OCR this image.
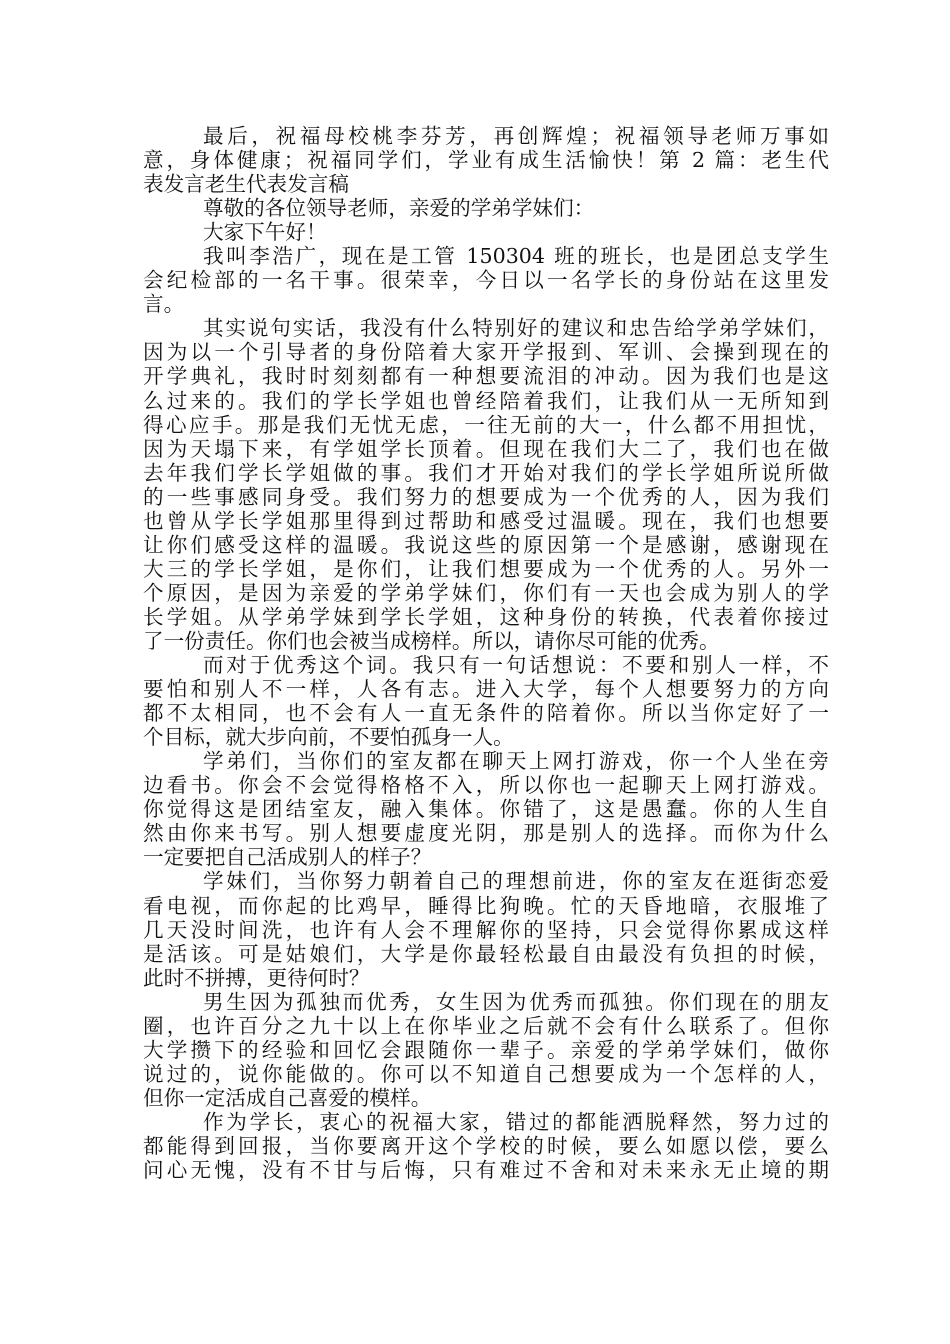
最后，祝福母校桃李芬芳，再创辉煌；祝福领导老师万事如
意，身体健康；祝福同学们，学业有成生活愉快！第 2 篇：老生代
表发言老生代表发言稿
尊敬的各位领导老师，亲爱的学弟学妹们：
大家下午好！
我叫李浩广，现在是工管 150304 班的班长，也是团总支学生
会纪检部的一名干事。很荣幸，今日以一名学长的身份站在这里发
言。
其实说句实话，我没有什么特别好的建议和忠告给学弟学妹们，
因为以一个引导者的身份陪着大家开学报到、军训、会操到现在的
开学典礼，我时时刻刻都有一种想要流泪的冲动。因为我们也是这
么过来的。我们的学长学姐也曾经陪着我们，让我们从一无所知到
得心应手。那是我们无忧无虑，一往无前的大一，什么都不用担忧，
因为天塌下来，有学姐学长顶着。但现在我们大二了，我们也在做
去年我们学长学姐做的事。我们才开始对我们的学长学姐所说所做
的一些事感同身受。我们努力的想要成为一个优秀的人，因为我们
也曾从学长学姐那里得到过帮助和感受过温暖。现在，我们也想要
让你们感受这样的温暖。我说这些的原因第一个是感谢，感谢现在
大三的学长学姐，是你们，让我们想要成为一个优秀的人。另外一
个原因，是因为亲爱的学弟学妹们，你们有一天也会成为别人的学
长学姐。从学弟学妹到学长学姐，这种身份的转换，代表着你接过
了一份责任。你们也会被当成榜样。所以，请你尽可能的优秀。
而对于优秀这个词。我只有一句话想说：不要和别人一样，不
要怕和别人不一样，人各有志。进入大学，每个人想要努力的方向
都不太相同，也不会有人一直无条件的陪着你。所以当你定好了一
个目标，就大步向前，不要怕孤身一人。
学弟们，当你们的室友都在聊天上网打游戏，你一个人坐在旁
边看书。你会不会觉得格格不入，所以你也一起聊天上网打游戏。
你觉得这是团结室友，融入集体。你错了，这是愚蠢。你的人生自
然由你来书写。别人想要虚度光阴，那是别人的选择。而你为什么
一定要把自己活成别人的样子？
学妹们，当你努力朝着自己的理想前进，你的室友在逛街恋爱
看电视，而你起的比鸡早，睡得比狗晚。忙的天昏地暗，衣服堆了
几天没时间洗，也许有人会不理解你的坚持，只会觉得你累成这样
是活该。可是姑娘们，大学是你最轻松最自由最没有负担的时候，
此时不拼搏，更待何时？
男生因为孤独而优秀，女生因为优秀而孤独。你们现在的朋友
圈，也许百分之九十以上在你毕业之后就不会有什么联系了。但你
大学攒下的经验和回忆会跟随你一辈子。亲爱的学弟学妹们，做你
说过的，说你能做的。你可以不知道自己想要成为一个怎样的人，
但你一定活成自己喜爱的模样。
作为学长，衷心的祝福大家，错过的都能洒脱释然，努力过的
都能得到回报，当你要离开这个学校的时候，要么如愿以偿，要么
问心无愧，没有不甘与后悔，只有难过不舍和对未来永无止境的期
